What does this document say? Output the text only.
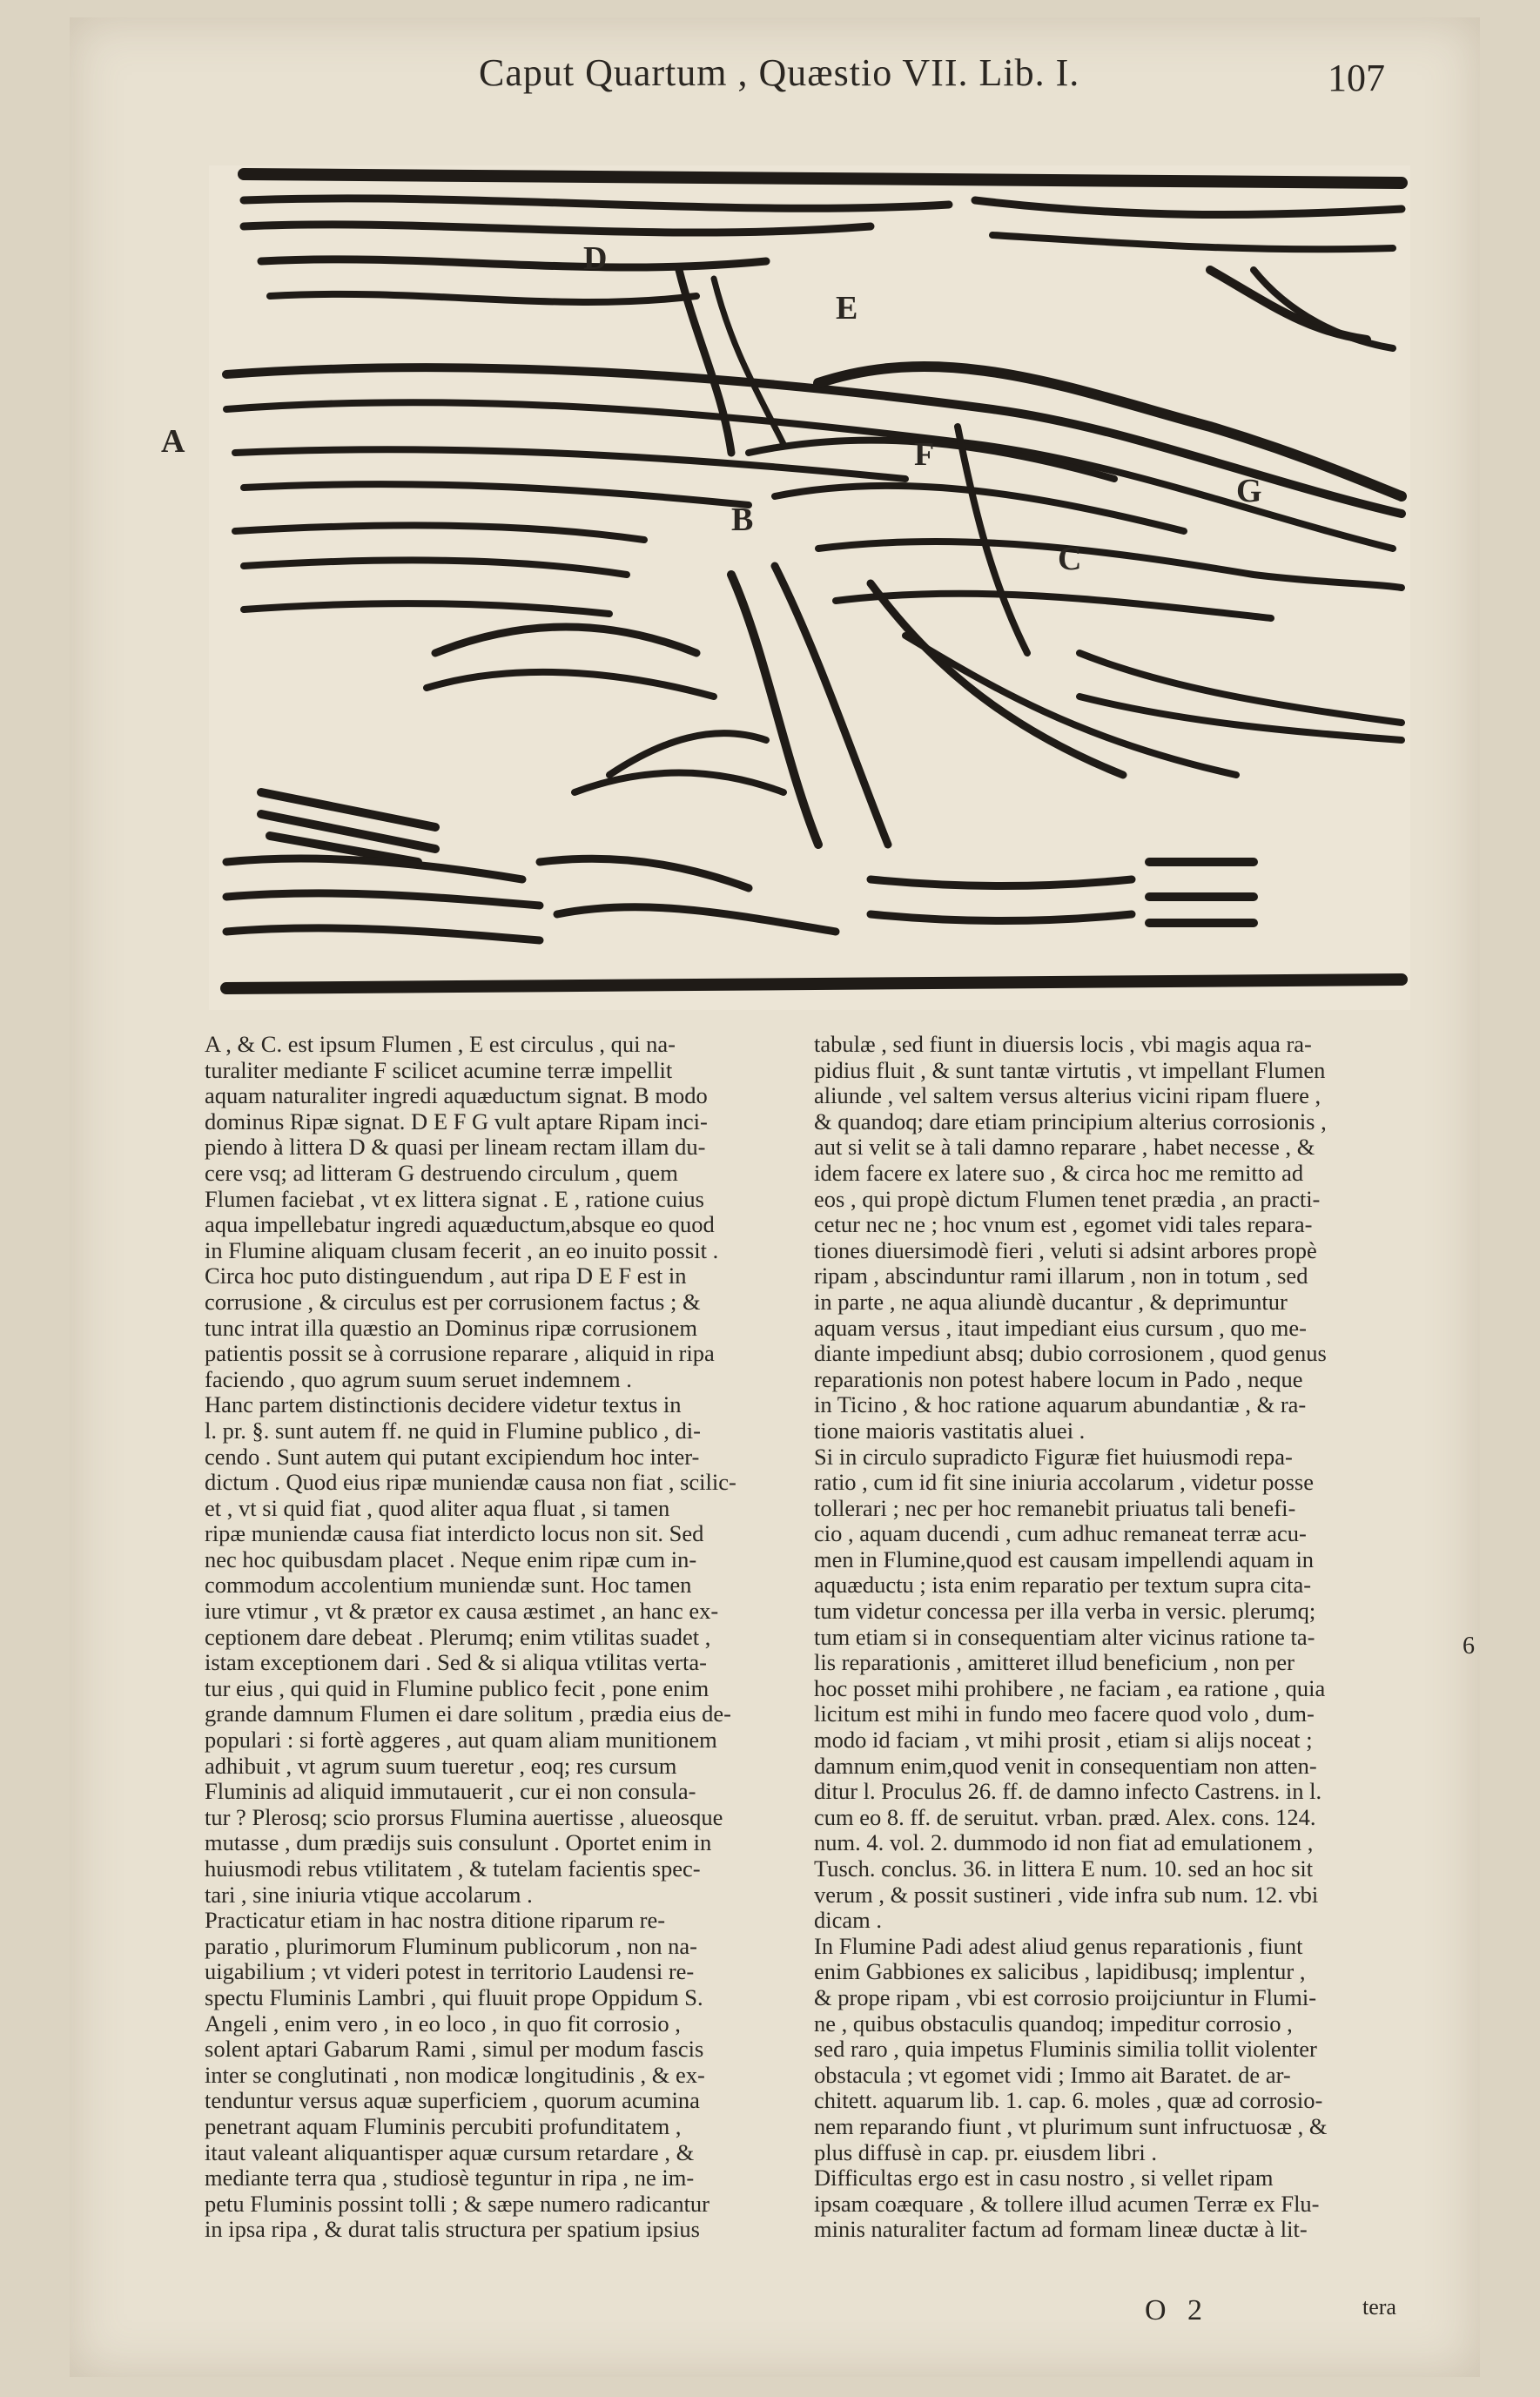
Caput Quartum , Quæstio VII. Lib. I.	107
D
E
A	F
G
B
C

A , & C. est ipsum Flumen , E est circulus , qui na-
turaliter mediante F scilicet acumine terræ impellit
aquam naturaliter ingredi aquæductum signat. B modo
dominus Ripæ signat. D E F G vult aptare Ripam inci-
piendo à littera D & quasi per lineam rectam illam du-
cere vsq; ad litteram G destruendo circulum , quem
Flumen faciebat , vt ex littera signat . E , ratione cuius
aqua impellebatur ingredi aquæductum,absque eo quod
in Flumine aliquam clusam fecerit , an eo inuito possit .

Circa hoc puto distinguendum , aut ripa D E F est in
corrusione , & circulus est per corrusionem factus ; &
tunc intrat illa quæstio an Dominus ripæ corrusionem
patientis possit se à corrusione reparare , aliquid in ripa
faciendo , quo agrum suum seruet indemnem .

Hanc partem distinctionis decidere videtur textus in
l. pr. §. sunt autem ff. ne quid in Flumine publico , di-
cendo . Sunt autem qui putant excipiendum hoc inter-
dictum . Quod eius ripæ muniendæ causa non fiat , scilic-
et , vt si quid fiat , quod aliter aqua fluat , si tamen
ripæ muniendæ causa fiat interdicto locus non sit. Sed
nec hoc quibusdam placet . Neque enim ripæ cum in-
commodum accolentium muniendæ sunt. Hoc tamen
iure vtimur , vt & prætor ex causa æstimet , an hanc ex-
ceptionem dare debeat . Plerumq; enim vtilitas suadet ,
istam exceptionem dari . Sed & si aliqua vtilitas verta-
tur eius , qui quid in Flumine publico fecit , pone enim
grande damnum Flumen ei dare solitum , prædia eius de-
populari : si fortè aggeres , aut quam aliam munitionem
adhibuit , vt agrum suum tueretur , eoq; res cursum
Fluminis ad aliquid immutauerit , cur ei non consula-
tur ? Plerosq; scio prorsus Flumina auertisse , alueosque
mutasse , dum prædijs suis consulunt . Oportet enim in
huiusmodi rebus vtilitatem , & tutelam facientis spec-
tari , sine iniuria vtique accolarum .

Practicatur etiam in hac nostra ditione riparum re-
paratio , plurimorum Fluminum publicorum , non na-
uigabilium ; vt videri potest in territorio Laudensi re-
spectu Fluminis Lambri , qui fluuit prope Oppidum S.
Angeli , enim vero , in eo loco , in quo fit corrosio ,
solent aptari Gabarum Rami , simul per modum fascis
inter se conglutinati , non modicæ longitudinis , & ex-
tenduntur versus aquæ superficiem , quorum acumina
penetrant aquam Fluminis percubiti profunditatem ,
itaut valeant aliquantisper aquæ cursum retardare , &
mediante terra qua , studiosè teguntur in ripa , ne im-
petu Fluminis possint tolli ; & sæpe numero radicantur
in ipsa ripa , & durat talis structura per spatium ipsius

tabulæ , sed fiunt in diuersis locis , vbi magis aqua ra-
pidius fluit , & sunt tantæ virtutis , vt impellant Flumen
aliunde , vel saltem versus alterius vicini ripam fluere ,
& quandoq; dare etiam principium alterius corrosionis ,
aut si velit se à tali damno reparare , habet necesse , &
idem facere ex latere suo , & circa hoc me remitto ad
eos , qui propè dictum Flumen tenet prædia , an practi-
cetur nec ne ; hoc vnum est , egomet vidi tales repara-
tiones diuersimodè fieri , veluti si adsint arbores propè
ripam , abscinduntur rami illarum , non in totum , sed
in parte , ne aqua aliundè ducantur , & deprimuntur
aquam versus , itaut impediant eius cursum , quo me-
diante impediunt absq; dubio corrosionem , quod genus
reparationis non potest habere locum in Pado , neque
in Ticino , & hoc ratione aquarum abundantiæ , & ra-
tione maioris vastitatis aluei .

Si in circulo supradicto Figuræ fiet huiusmodi repa-
ratio , cum id fit sine iniuria accolarum , videtur posse
tollerari ; nec per hoc remanebit priuatus tali benefi-
cio , aquam ducendi , cum adhuc remaneat terræ acu-
men in Flumine,quod est causam impellendi aquam in
aquæductu ; ista enim reparatio per textum supra cita-
tum videtur concessa per illa verba in versic. plerumq;
tum etiam si in consequentiam alter vicinus ratione ta-
lis reparationis , amitteret illud beneficium , non per
hoc posset mihi prohibere , ne faciam , ea ratione , quia
licitum est mihi in fundo meo facere quod volo , dum-
modo id faciam , vt mihi prosit , etiam si alijs noceat ;
damnum enim,quod venit in consequentiam non atten-
ditur l. Proculus 26. ff. de damno infecto Castrens. in l.
cum eo 8. ff. de seruitut. vrban. præd. Alex. cons. 124.
num. 4. vol. 2. dummodo id non fiat ad emulationem ,
Tusch. conclus. 36. in littera E num. 10. sed an hoc sit
verum , & possit sustineri , vide infra sub num. 12. vbi
dicam .

In Flumine Padi adest aliud genus reparationis , fiunt
enim Gabbiones ex salicibus , lapidibusq; implentur ,
& prope ripam , vbi est corrosio proijciuntur in Flumi-
ne , quibus obstaculis quandoq; impeditur corrosio ,
sed raro , quia impetus Fluminis similia tollit violenter
obstacula ; vt egomet vidi ; Immo ait Baratet. de ar-
chitett. aquarum lib. 1. cap. 6. moles , quæ ad corrosio-
nem reparando fiunt , vt plurimum sunt infructuosæ , &
plus diffusè in cap. pr. eiusdem libri .

Difficultas ergo est in casu nostro , si vellet ripam
ipsam coæquare , & tollere illud acumen Terræ ex Flu-
minis naturaliter factum ad formam lineæ ductæ à lit-

6
O 2	tera
